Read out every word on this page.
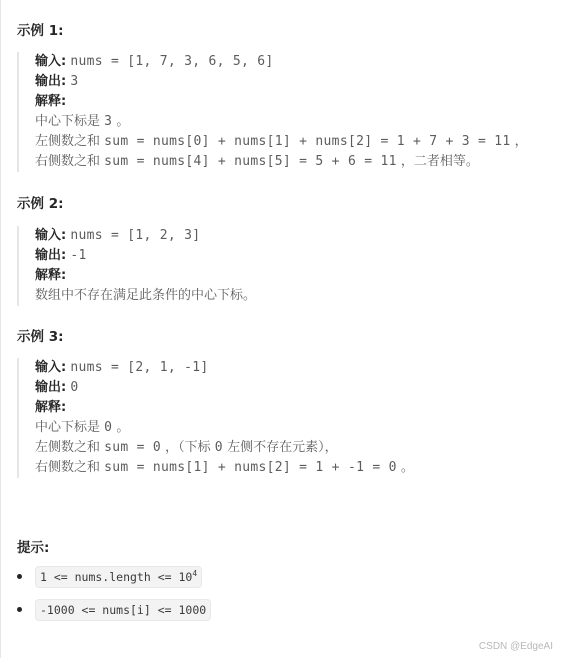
示例 1:
输入: nums = [1, 7, 3, 6, 5, 6]
输出: 3
解释:
中心下标是 3 。
左侧数之和 sum = nums[0] + nums[1] + nums[2] = 1 + 7 + 3 = 11 ，
右侧数之和 sum = nums[4] + nums[5] = 5 + 6 = 11 ，二者相等。
示例 2:
输入: nums = [1, 2, 3]
输出: -1
解释:
数组中不存在满足此条件的中心下标。
示例 3:
输入: nums = [2, 1, -1]
输出: 0
解释:
中心下标是 0 。
左侧数之和 sum = 0 ，（下标 0 左侧不存在元素），
右侧数之和 sum = nums[1] + nums[2] = 1 + -1 = 0 。
提示:
1 <= nums.length <= $10^4$
-1000 <= nums[i] <= 1000
CSDN @EdgeAI
